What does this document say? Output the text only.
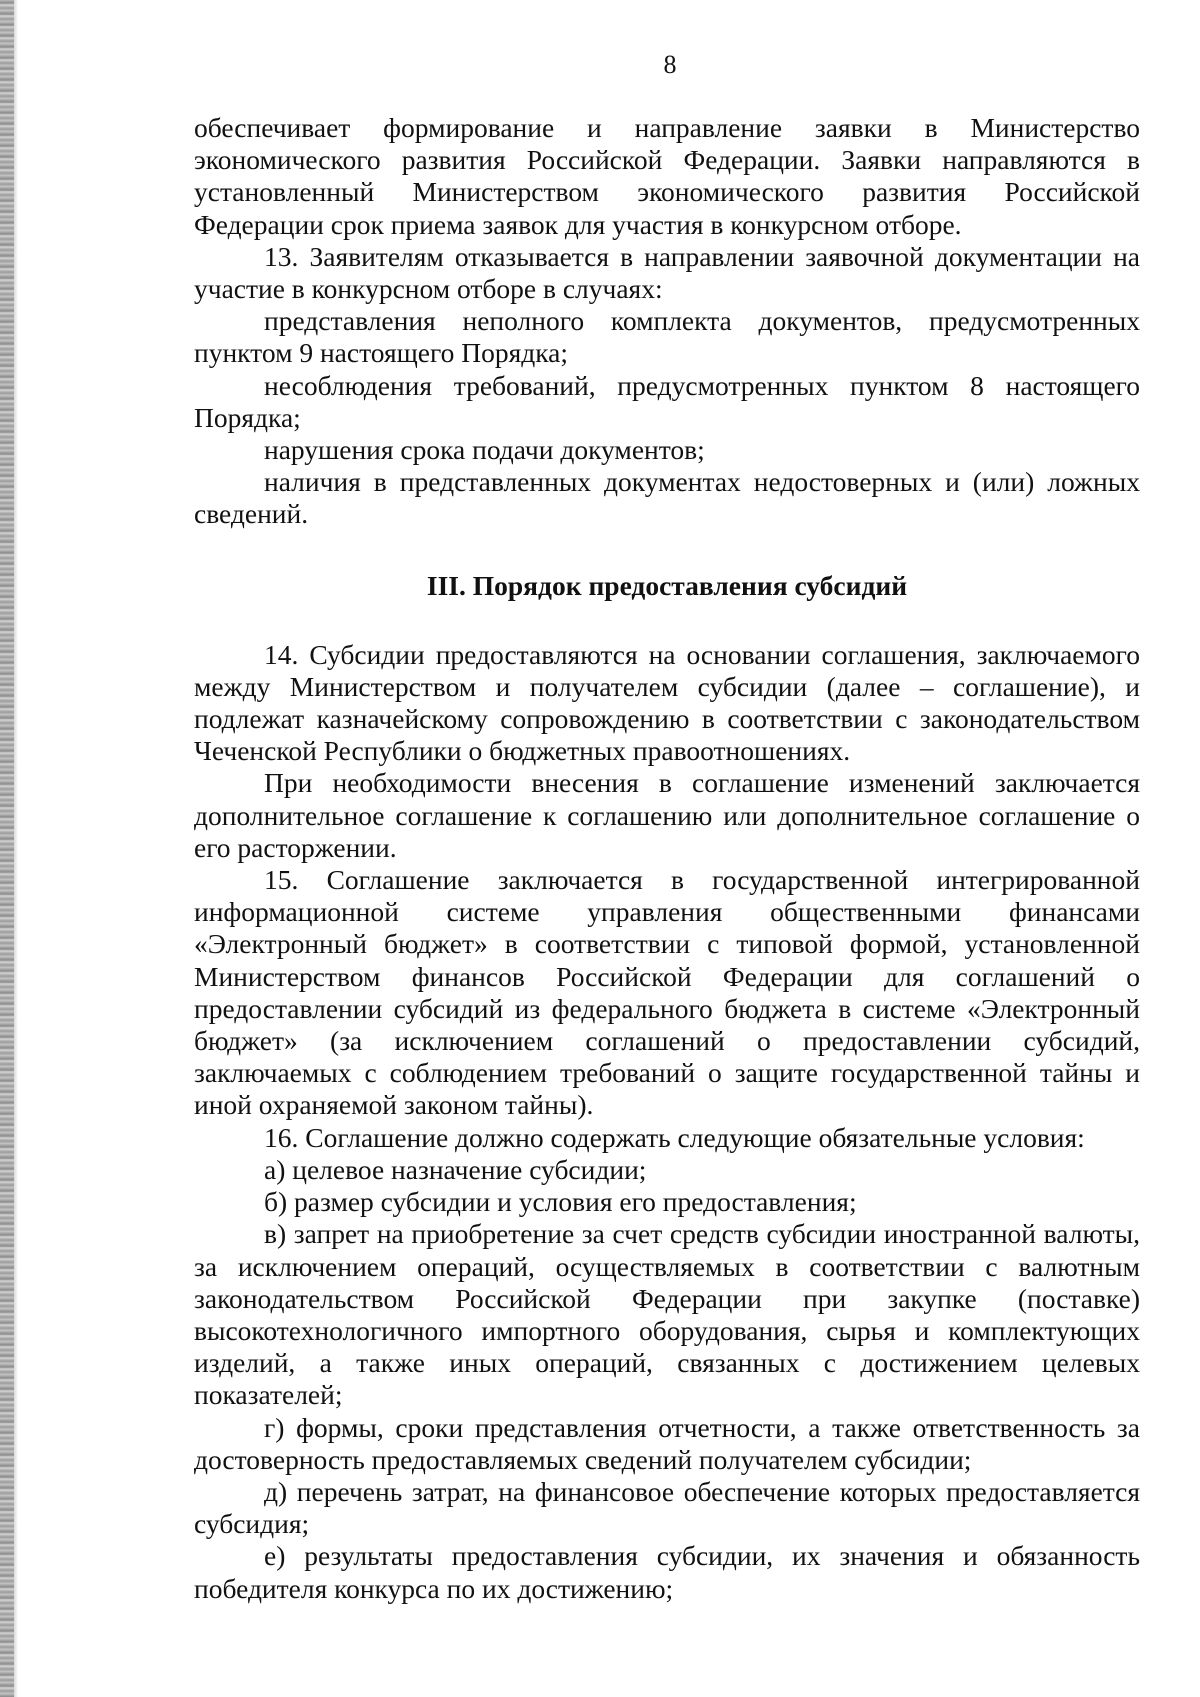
8

обеспечивает формирование и направление заявки в Министерство экономического развития Российской Федерации. Заявки направляются в установленный Министерством экономического развития Российской Федерации срок приема заявок для участия в конкурсном отборе.

13. Заявителям отказывается в направлении заявочной документации на участие в конкурсном отборе в случаях:

представления неполного комплекта документов, предусмотренных пунктом 9 настоящего Порядка;

несоблюдения требований, предусмотренных пунктом 8 настоящего Порядка;

нарушения срока подачи документов;

наличия в представленных документах недостоверных и (или) ложных сведений.

III. Порядок предоставления субсидий

14. Субсидии предоставляются на основании соглашения, заключаемого между Министерством и получателем субсидии (далее – соглашение), и подлежат казначейскому сопровождению в соответствии с законодательством Чеченской Республики о бюджетных правоотношениях.

При необходимости внесения в соглашение изменений заключается дополнительное соглашение к соглашению или дополнительное соглашение о его расторжении.

15. Соглашение заключается в государственной интегрированной информационной системе управления общественными финансами «Электронный бюджет» в соответствии с типовой формой, установленной Министерством финансов Российской Федерации для соглашений о предоставлении субсидий из федерального бюджета в системе «Электронный бюджет» (за исключением соглашений о предоставлении субсидий, заключаемых с соблюдением требований о защите государственной тайны и иной охраняемой законом тайны).

16. Соглашение должно содержать следующие обязательные условия:

а) целевое назначение субсидии;

б) размер субсидии и условия его предоставления;

в) запрет на приобретение за счет средств субсидии иностранной валюты, за исключением операций, осуществляемых в соответствии с валютным законодательством Российской Федерации при закупке (поставке) высокотехнологичного импортного оборудования, сырья и комплектующих изделий, а также иных операций, связанных с достижением целевых показателей;

г) формы, сроки представления отчетности, а также ответственность за достоверность предоставляемых сведений получателем субсидии;

д) перечень затрат, на финансовое обеспечение которых предоставляется субсидия;

е) результаты предоставления субсидии, их значения и обязанность победителя конкурса по их достижению;
